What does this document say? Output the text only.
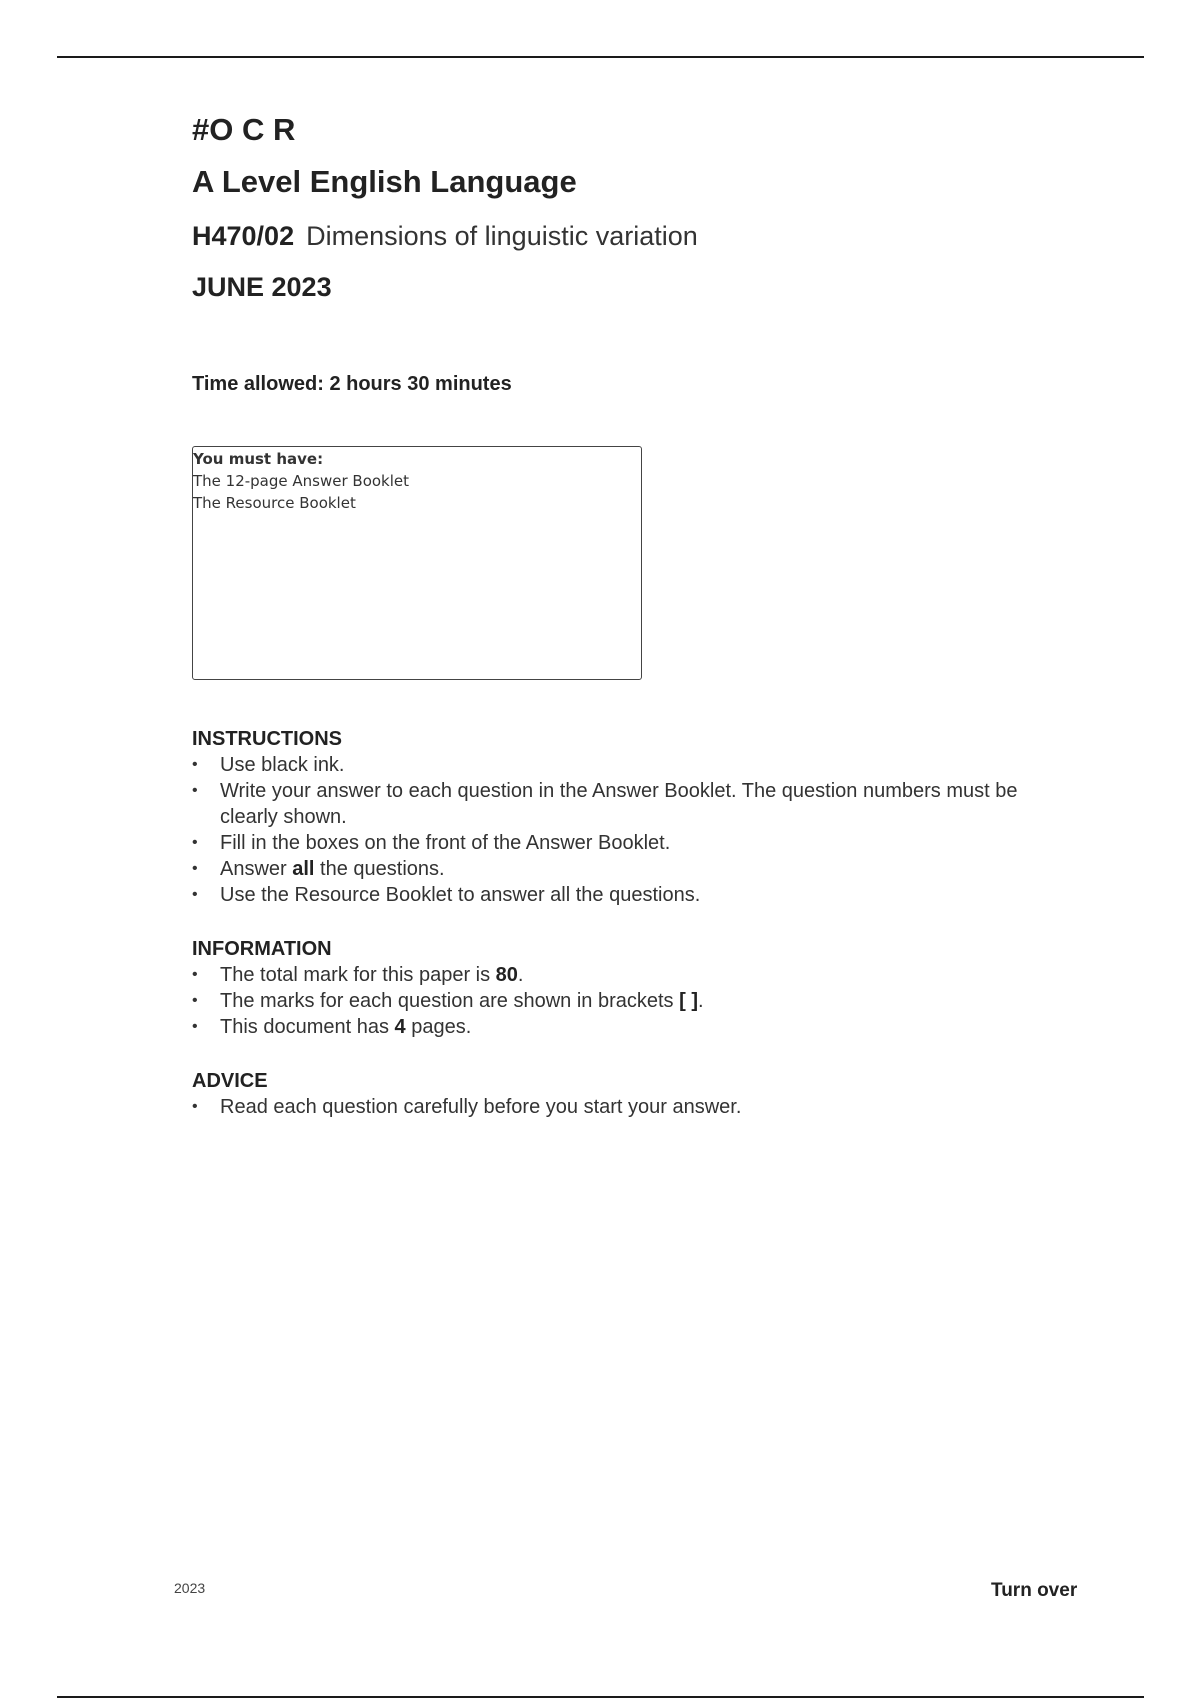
#O C R
A Level English Language
H470/02 Dimensions of linguistic variation
JUNE 2023
Time allowed: 2 hours 30 minutes
You must have:
The 12-page Answer Booklet
The Resource Booklet
INSTRUCTIONS
• Use black ink.
• Write your answer to each question in the Answer Booklet. The question numbers must be clearly shown.
• Fill in the boxes on the front of the Answer Booklet.
• Answer all the questions.
• Use the Resource Booklet to answer all the questions.
INFORMATION
• The total mark for this paper is 80.
• The marks for each question are shown in brackets [ ].
• This document has 4 pages.
ADVICE
• Read each question carefully before you start your answer.
2023	Turn over
